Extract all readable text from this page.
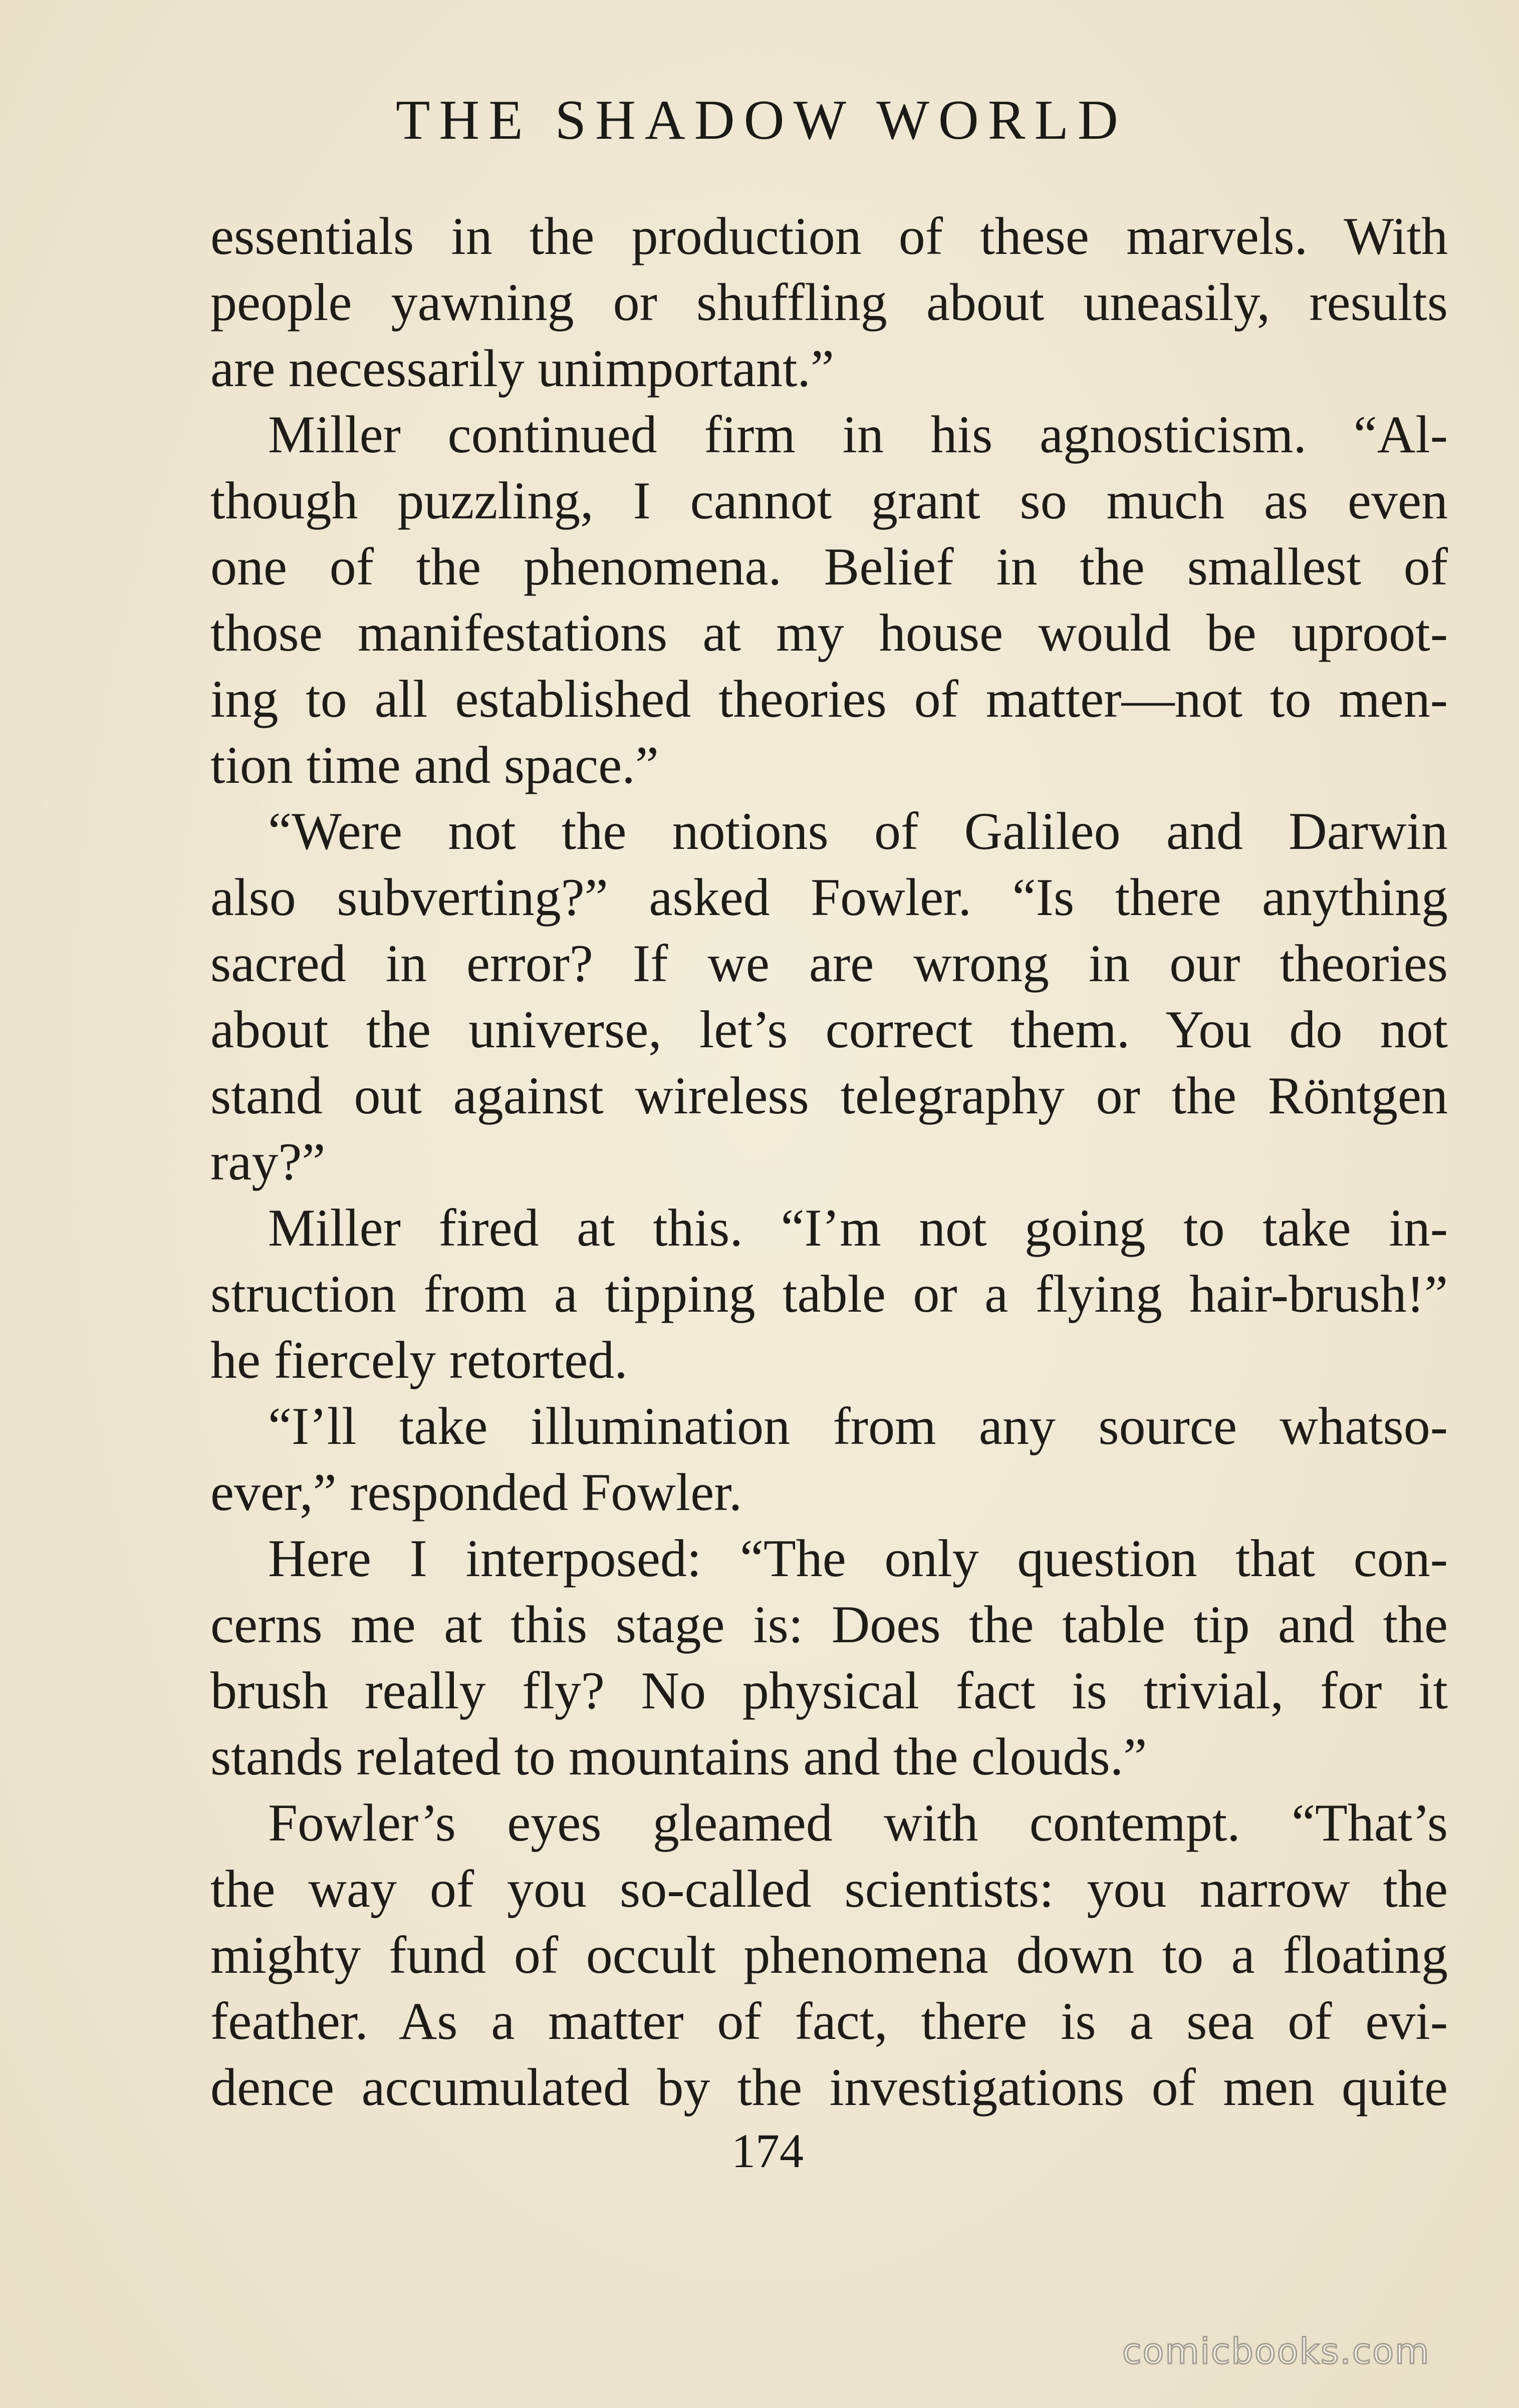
THE SHADOW WORLD
essentials in the production of these marvels. With
people yawning or shuffling about uneasily, results
are necessarily unimportant.”
Miller continued firm in his agnosticism. “Al-
though puzzling, I cannot grant so much as even
one of the phenomena. Belief in the smallest of
those manifestations at my house would be uproot-
ing to all established theories of matter—not to men-
tion time and space.”
“Were not the notions of Galileo and Darwin
also subverting?” asked Fowler. “Is there anything
sacred in error? If we are wrong in our theories
about the universe, let’s correct them. You do not
stand out against wireless telegraphy or the Röntgen
ray?”
Miller fired at this. “I’m not going to take in-
struction from a tipping table or a flying hair-brush!”
he fiercely retorted.
“I’ll take illumination from any source whatso-
ever,” responded Fowler.
Here I interposed: “The only question that con-
cerns me at this stage is: Does the table tip and the
brush really fly? No physical fact is trivial, for it
stands related to mountains and the clouds.”
Fowler’s eyes gleamed with contempt. “That’s
the way of you so-called scientists: you narrow the
mighty fund of occult phenomena down to a floating
feather. As a matter of fact, there is a sea of evi-
dence accumulated by the investigations of men quite
174
comicbooks.com
